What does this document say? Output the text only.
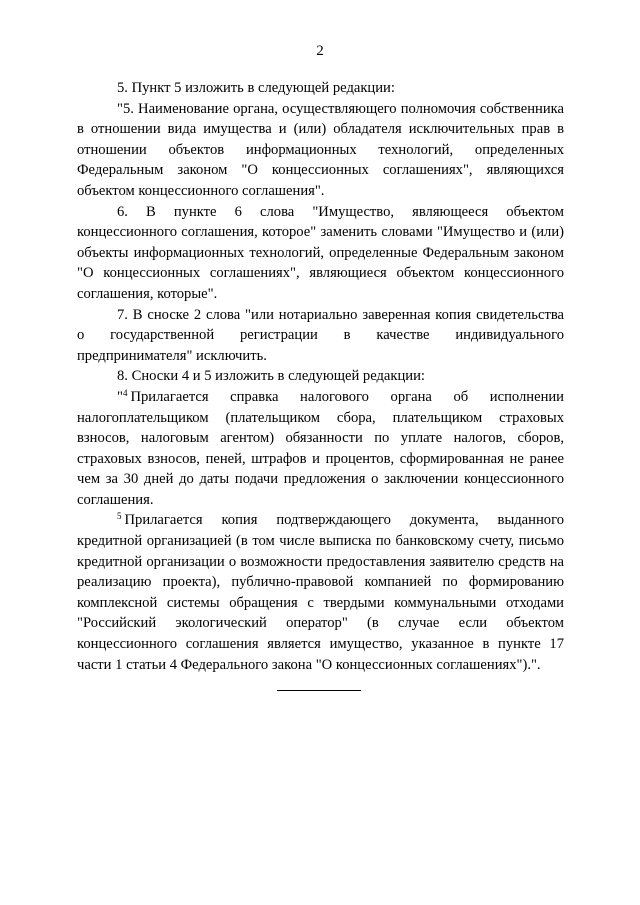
2

5. Пункт 5 изложить в следующей редакции:

"5. Наименование органа, осуществляющего полномочия собственника в отношении вида имущества и (или) обладателя исключительных прав в отношении объектов информационных технологий, определенных Федеральным законом "О концессионных соглашениях", являющихся объектом концессионного соглашения".

6. В пункте 6 слова "Имущество, являющееся объектом концессионного соглашения, которое" заменить словами "Имущество и (или) объекты информационных технологий, определенные Федеральным законом "О концессионных соглашениях", являющиеся объектом концессионного соглашения, которые".

7. В сноске 2 слова "или нотариально заверенная копия свидетельства о государственной регистрации в качестве индивидуального предпринимателя" исключить.

8. Сноски 4 и 5 изложить в следующей редакции:

"$^4$ Прилагается справка налогового органа об исполнении налогоплательщиком (плательщиком сбора, плательщиком страховых взносов, налоговым агентом) обязанности по уплате налогов, сборов, страховых взносов, пеней, штрафов и процентов, сформированная не ранее чем за 30 дней до даты подачи предложения о заключении концессионного соглашения.

$^5$ Прилагается копия подтверждающего документа, выданного кредитной организацией (в том числе выписка по банковскому счету, письмо кредитной организации о возможности предоставления заявителю средств на реализацию проекта), публично-правовой компанией по формированию комплексной системы обращения с твердыми коммунальными отходами "Российский экологический оператор" (в случае если объектом концессионного соглашения является имущество, указанное в пункте 17 части 1 статьи 4 Федерального закона "О концессионных соглашениях").".
